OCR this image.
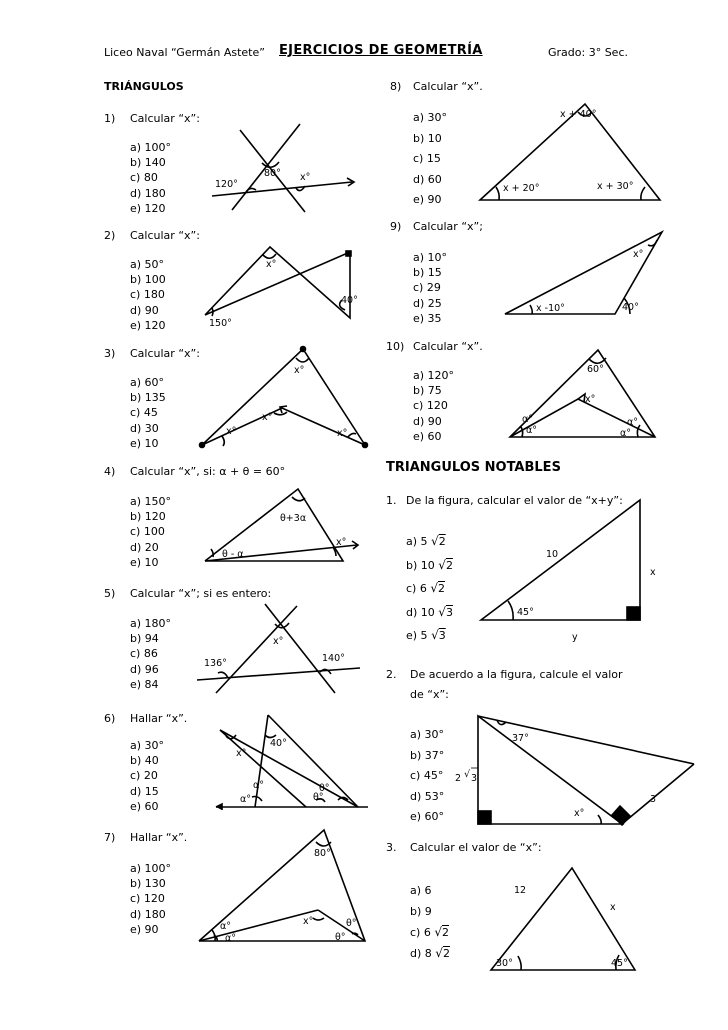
Liceo Naval “Germán Astete” EJERCICIOS DE GEOMETRÍA	Grado: 3° Sec.
TRIÁNGULOS
TRIANGULOS NOTABLES
1) Calcular “x”:
a) 100°
b) 140
c) 80
d) 180
e) 120
2) Calcular “x”:
a) 50°
b) 100
c) 180
d) 90
e) 120
3) Calcular “x”:
a) 60°
b) 135
c) 45
d) 30
e) 10
4) Calcular “x”, si: α + θ = 60°
a) 150°
b) 120
c) 100
d) 20
e) 10
5) Calcular “x”; si es entero:
a) 180°
b) 94
c) 86
d) 96
e) 84
6) Hallar “x”.
a) 30°
b) 40
c) 20
d) 15
e) 60
7) Hallar “x”.
a) 100°
b) 130
c) 120
d) 180
e) 90
8) Calcular “x”.
a) 30°
b) 10
c) 15
d) 60
e) 90
9) Calcular “x”;
a) 10°
b) 15
c) 29
d) 25
e) 35
10) Calcular “x”.
a) 120°
b) 75
c) 120
d) 90
e) 60
1. De la figura, calcular el valor de “x+y”:
a) 5 √2
b) 10 √2
c) 6 √2
d) 10 √3
e) 5 √3
2. De acuerdo a la figura, calcule el valor
de “x”:
a) 30°
b) 37°
c) 45°
d) 53°
e) 60°
3. Calcular el valor de “x”:
a) 6
b) 9
c) 6 √2
d) 8 √2
80°
120°
x°
x°
40°
150°
x°
x°
x°
x°
θ+3α
x°
θ - α
x°
136°	140°
x°
40°
α°
α°
θ°
θ°
80°
x°
α°
α°
θ°
θ°
x + 40°
x + 20°	x + 30°
x°
x -10°	40°
60°
x°
α°
α°
α°
α°
10
x
45°
y
37°
2 √ 3
3
x°
12
x
30°	45°
